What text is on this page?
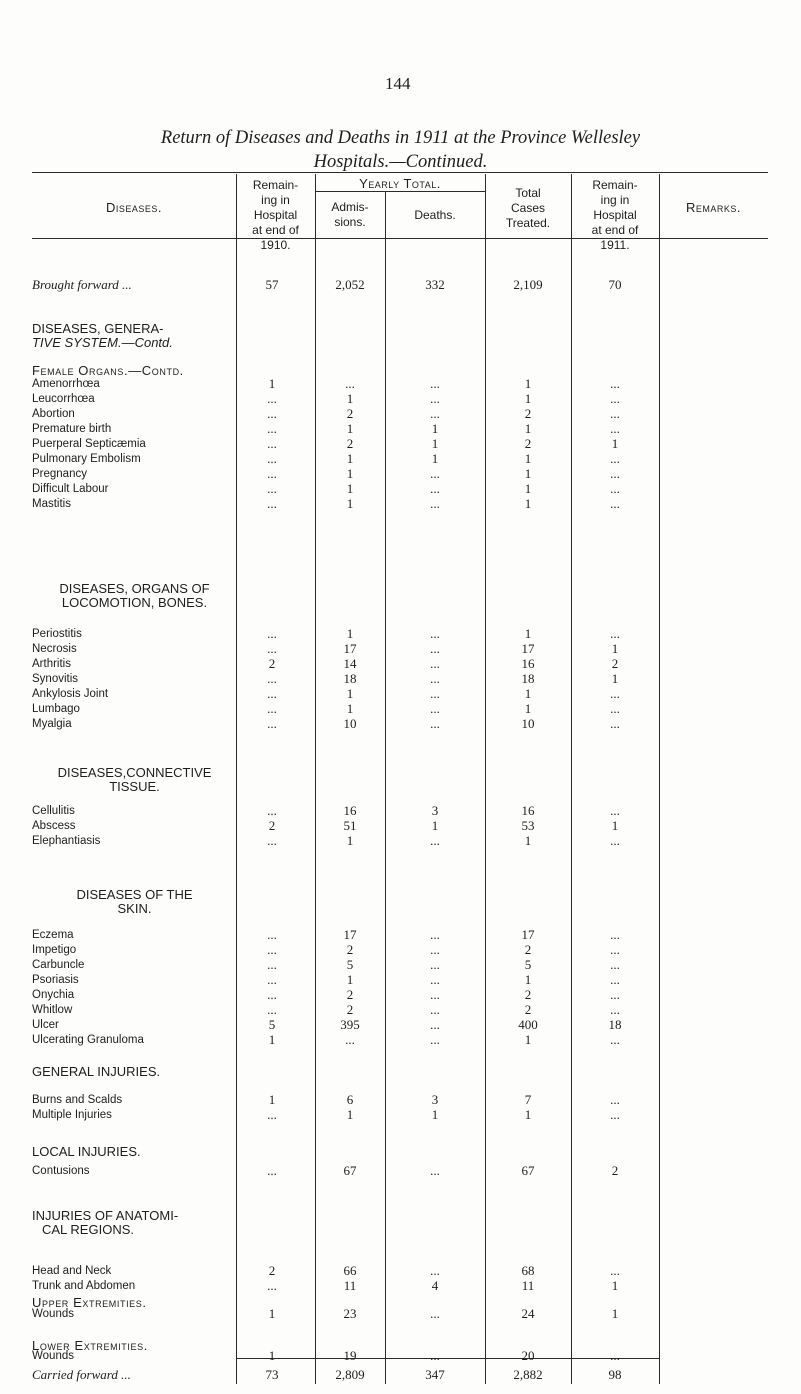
144
Return of Diseases and Deaths in 1911 at the Province Wellesley
Hospitals.—Continued.
Diseases.
Remain-
ing in
Hospital
at end of
1910.
Yearly Total.
Admis-
sions.	Deaths.
Total
Cases
Treated.
Remain-
ing in
Hospital
at end of
1911.
Remarks.
Brought forward ...	57	2,052	332	2,109	70
DISEASES, GENERA-
TIVE SYSTEM.—Contd.
Female Organs.—Contd.
DISEASES, ORGANS OF
LOCOMOTION, BONES.
DISEASES,CONNECTIVE
TISSUE.
DISEASES OF THE
SKIN.
GENERAL INJURIES.
LOCAL INJURIES.
INJURIES OF ANATOMI-
CAL REGIONS.
Upper Extremities.
Lower Extremities.
Amenorrhœa	1	...	...	1	...
Leucorrhœa	...	1	...	1	...
Abortion	...	2	...	2	...
Premature birth	...	1	1	1	...
Puerperal Septicæmia	...	2	1	2	1
Pulmonary Embolism	...	1	1	1	...
Pregnancy	...	1	...	1	...
Difficult Labour	...	1	...	1	...
Mastitis	...	1	...	1	...
Periostitis	...	1	...	1	...
Necrosis	...	17	...	17	1
Arthritis	2	14	...	16	2
Synovitis	...	18	...	18	1
Ankylosis Joint	...	1	...	1	...
Lumbago	...	1	...	1	...
Myalgia	...	10	...	10	...
Cellulitis	...	16	3	16	...
Abscess	2	51	1	53	1
Elephantiasis	...	1	...	1	...
Eczema	...	17	...	17	...
Impetigo	...	2	...	2	...
Carbuncle	...	5	...	5	...
Psoriasis	...	1	...	1	...
Onychia	...	2	...	2	...
Whitlow	...	2	...	2	...
Ulcer	5	395	...	400	18
Ulcerating Granuloma	1	...	...	1	...
Burns and Scalds	1	6	3	7	...
Multiple Injuries	...	1	1	1	...
Contusions	...	67	...	67	2
Head and Neck	2	66	...	68	...
Trunk and Abdomen	...	11	4	11	1
Wounds	1	23	...	24	1
Wounds	1	19	...	20	...
Carried forward ...	73	2,809	347	2,882	98
